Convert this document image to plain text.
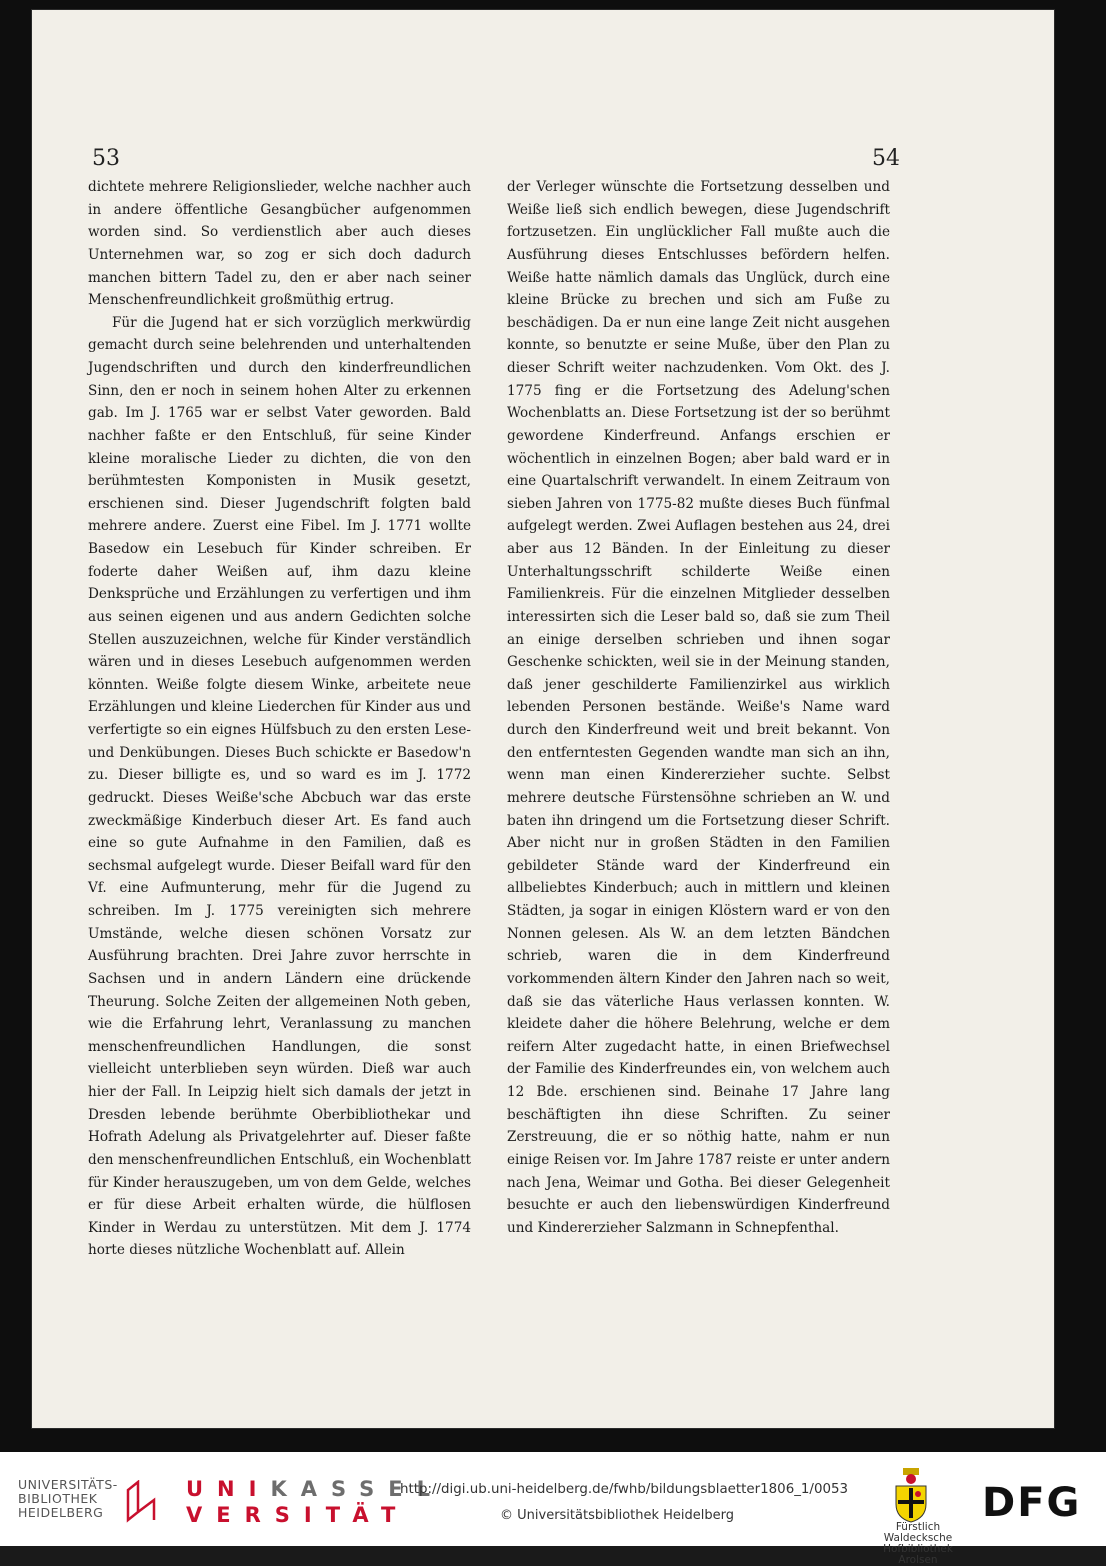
53	54

dichtete mehrere Religionslieder, welche nachher auch in andere öffentliche Gesangbücher aufgenommen worden sind. So verdienstlich aber auch dieses Unternehmen war, so zog er sich doch dadurch manchen bittern Tadel zu, den er aber nach seiner Menschenfreundlichkeit großmüthig ertrug.

Für die Jugend hat er sich vorzüglich merkwürdig gemacht durch seine belehrenden und unterhaltenden Jugendschriften und durch den kinderfreundlichen Sinn, den er noch in seinem hohen Alter zu erkennen gab. Im J. 1765 war er selbst Vater geworden. Bald nachher faßte er den Entschluß, für seine Kinder kleine moralische Lieder zu dichten, die von den berühmtesten Komponisten in Musik gesetzt, erschienen sind. Dieser Jugendschrift folgten bald mehrere andere. Zuerst eine Fibel. Im J. 1771 wollte Basedow ein Lesebuch für Kinder schreiben. Er foderte daher Weißen auf, ihm dazu kleine Denksprüche und Erzählungen zu verfertigen und ihm aus seinen eigenen und aus andern Gedichten solche Stellen auszuzeichnen, welche für Kinder verständlich wären und in dieses Lesebuch aufgenommen werden könnten. Weiße folgte diesem Winke, arbeitete neue Erzählungen und kleine Liederchen für Kinder aus und verfertigte so ein eignes Hülfsbuch zu den ersten Lese- und Denkübungen. Dieses Buch schickte er Basedow'n zu. Dieser billigte es, und so ward es im J. 1772 gedruckt. Dieses Weiße'sche Abcbuch war das erste zweckmäßige Kinderbuch dieser Art. Es fand auch eine so gute Aufnahme in den Familien, daß es sechsmal aufgelegt wurde. Dieser Beifall ward für den Vf. eine Aufmunterung, mehr für die Jugend zu schreiben. Im J. 1775 vereinigten sich mehrere Umstände, welche diesen schönen Vorsatz zur Ausführung brachten. Drei Jahre zuvor herrschte in Sachsen und in andern Ländern eine drückende Theurung. Solche Zeiten der allgemeinen Noth geben, wie die Erfahrung lehrt, Veranlassung zu manchen menschenfreundlichen Handlungen, die sonst vielleicht unterblieben seyn würden. Dieß war auch hier der Fall. In Leipzig hielt sich damals der jetzt in Dresden lebende berühmte Oberbibliothekar und Hofrath Adelung als Privatgelehrter auf. Dieser faßte den menschenfreundlichen Entschluß, ein Wochenblatt für Kinder herauszugeben, um von dem Gelde, welches er für diese Arbeit erhalten würde, die hülflosen Kinder in Werdau zu unterstützen. Mit dem J. 1774 horte dieses nützliche Wochenblatt auf. Allein

der Verleger wünschte die Fortsetzung desselben und Weiße ließ sich endlich bewegen, diese Jugendschrift fortzusetzen. Ein unglücklicher Fall mußte auch die Ausführung dieses Entschlusses befördern helfen. Weiße hatte nämlich damals das Unglück, durch eine kleine Brücke zu brechen und sich am Fuße zu beschädigen. Da er nun eine lange Zeit nicht ausgehen konnte, so benutzte er seine Muße, über den Plan zu dieser Schrift weiter nachzudenken. Vom Okt. des J. 1775 fing er die Fortsetzung des Adelung'schen Wochenblatts an. Diese Fortsetzung ist der so berühmt gewordene Kinderfreund. Anfangs erschien er wöchentlich in einzelnen Bogen; aber bald ward er in eine Quartalschrift verwandelt. In einem Zeitraum von sieben Jahren von 1775-82 mußte dieses Buch fünfmal aufgelegt werden. Zwei Auflagen bestehen aus 24, drei aber aus 12 Bänden. In der Einleitung zu dieser Unterhaltungsschrift schilderte Weiße einen Familienkreis. Für die einzelnen Mitglieder desselben interessirten sich die Leser bald so, daß sie zum Theil an einige derselben schrieben und ihnen sogar Geschenke schickten, weil sie in der Meinung standen, daß jener geschilderte Familienzirkel aus wirklich lebenden Personen bestände. Weiße's Name ward durch den Kinderfreund weit und breit bekannt. Von den entferntesten Gegenden wandte man sich an ihn, wenn man einen Kindererzieher suchte. Selbst mehrere deutsche Fürstensöhne schrieben an W. und baten ihn dringend um die Fortsetzung dieser Schrift. Aber nicht nur in großen Städten in den Familien gebildeter Stände ward der Kinderfreund ein allbeliebtes Kinderbuch; auch in mittlern und kleinen Städten, ja sogar in einigen Klöstern ward er von den Nonnen gelesen. Als W. an dem letzten Bändchen schrieb, waren die in dem Kinderfreund vorkommenden ältern Kinder den Jahren nach so weit, daß sie das väterliche Haus verlassen konnten. W. kleidete daher die höhere Belehrung, welche er dem reifern Alter zugedacht hatte, in einen Briefwechsel der Familie des Kinderfreundes ein, von welchem auch 12 Bde. erschienen sind. Beinahe 17 Jahre lang beschäftigten ihn diese Schriften. Zu seiner Zerstreuung, die er so nöthig hatte, nahm er nun einige Reisen vor. Im Jahre 1787 reiste er unter andern nach Jena, Weimar und Gotha. Bei dieser Gelegenheit besuchte er auch den liebenswürdigen Kinderfreund und Kindererzieher Salzmann in Schnepfenthal.

UNIVERSITÄTS-
BIBLIOTHEK
HEIDELBERG
UNIKASSEL
VERSITÄT
http://digi.ub.uni-heidelberg.de/fwhb/bildungsblaetter1806_1/0053
© Universitätsbibliothek Heidelberg
Fürstlich Waldecksche
Hofbibliothek Arolsen
DFG
